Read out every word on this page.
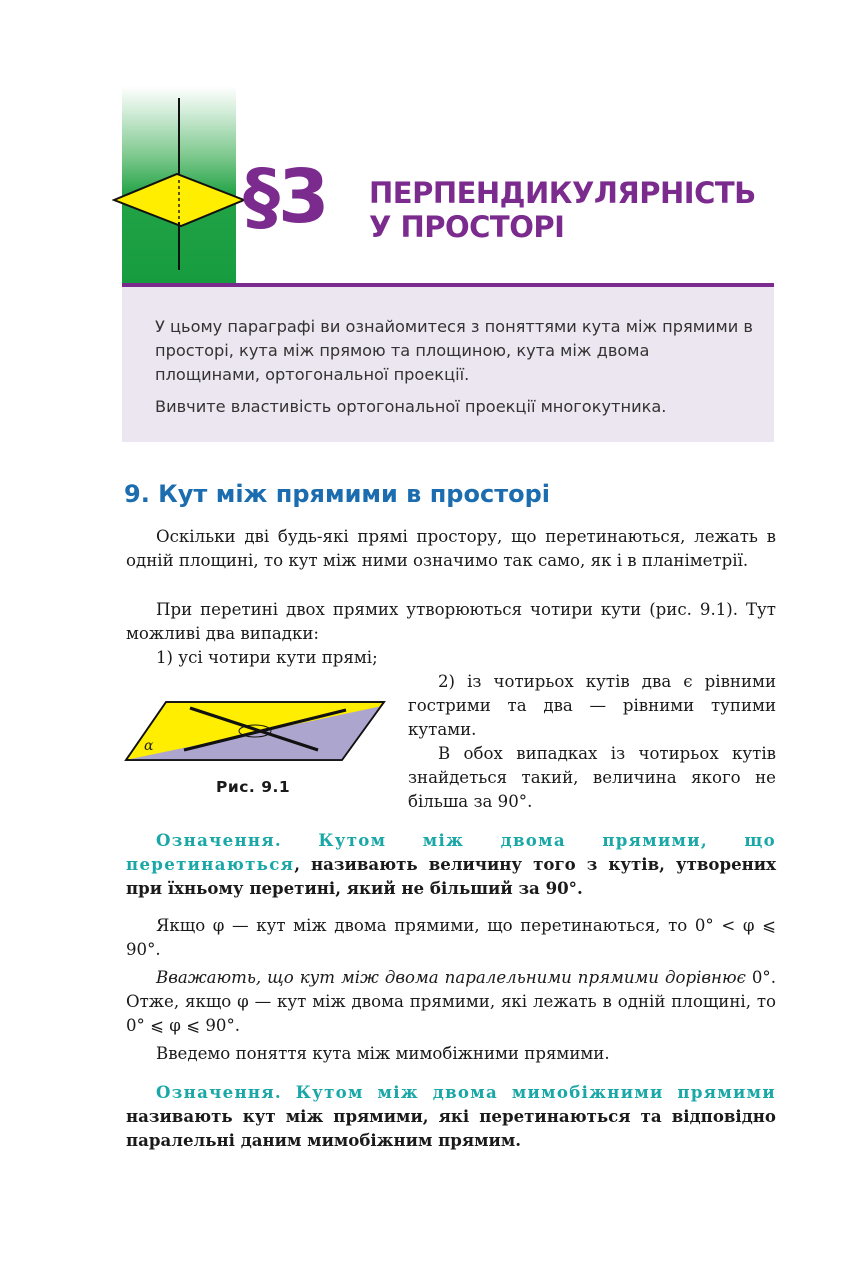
§3 ПЕРПЕНДИКУЛЯРНІСТЬ
У ПРОСТОРІ

У цьому параграфі ви ознайомитеся з поняттями кута між прямими в просторі, кута між прямою та площиною, кута між двома площинами, ортогональної проекції.

Вивчите властивість ортогональної проекції многокутника.

9. Кут між прямими в просторі

Оскільки дві будь-які прямі простору, що перетинаються, лежать в одній площині, то кут між ними означимо так само, як і в планіметрії.

При перетині двох прямих утворюються чотири кути (рис. 9.1). Тут можливі два випадки:

1) усі чотири кути прямі;

α
Рис. 9.1

2) із чотирьох кутів два є рівними гострими та два — рівними тупими кутами.

В обох випадках із чотирьох кутів знайдеться такий, величина якого не більша за 90°.

Означення. Кутом між двома прямими, що перетинаються, називають величину того з кутів, утворених при їхньому перетині, який не більший за 90°.

Якщо φ — кут між двома прямими, що перетинаються, то 0° < φ ⩽ 90°.

Вважають, що кут між двома паралельними прямими дорівнює 0°. Отже, якщо φ — кут між двома прямими, які лежать в одній площині, то 0° ⩽ φ ⩽ 90°.

Введемо поняття кута між мимобіжними прямими.

Означення. Кутом між двома мимобіжними прямими називають кут між прямими, які перетинаються та відповідно паралельні даним мимобіжним прямим.
